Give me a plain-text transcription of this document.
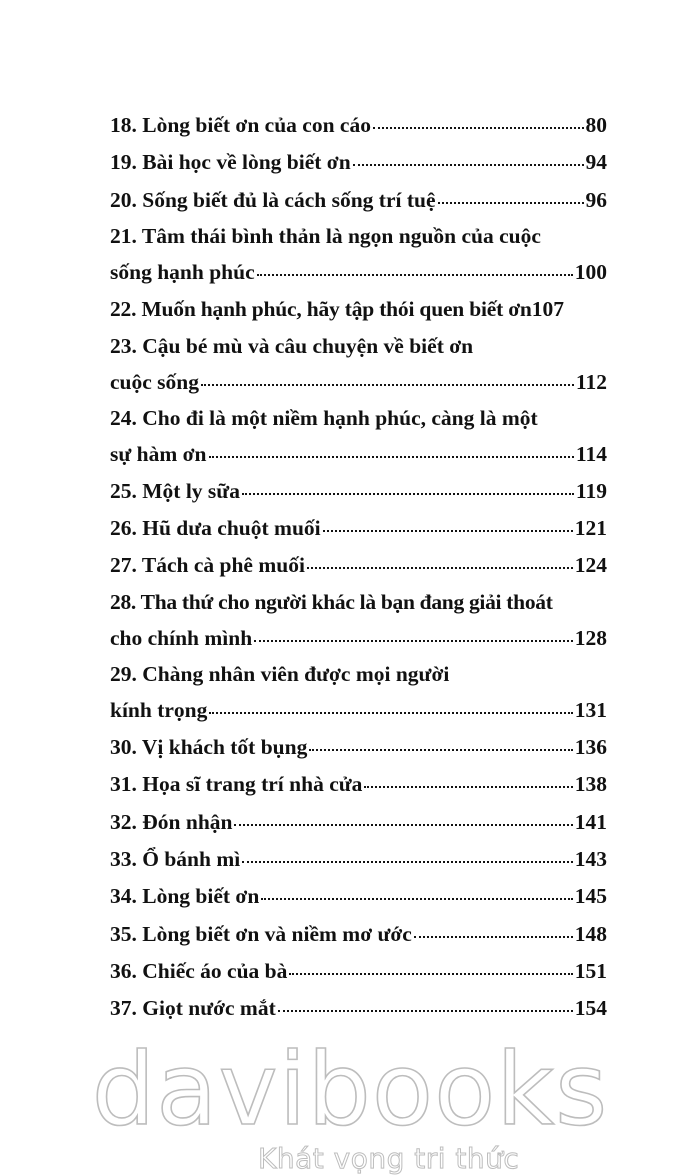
18. Lòng biết ơn của con cáo	80
19. Bài học về lòng biết ơn	94
20. Sống biết đủ là cách sống trí tuệ	96
21. Tâm thái bình thản là ngọn nguồn của cuộc
sống hạnh phúc	100
22. Muốn hạnh phúc, hãy tập thói quen biết ơn 107
23. Cậu bé mù và câu chuyện về biết ơn
cuộc sống	112
24. Cho đi là một niềm hạnh phúc, càng là một
sự hàm ơn	114
25. Một ly sữa	119
26. Hũ dưa chuột muối	121
27. Tách cà phê muối	124
28. Tha thứ cho người khác là bạn đang giải thoát
cho chính mình	128
29. Chàng nhân viên được mọi người
kính trọng	131
30. Vị khách tốt bụng	136
31. Họa sĩ trang trí nhà cửa	138
32. Đón nhận	141
33. Ổ bánh mì	143
34. Lòng biết ơn	145
35. Lòng biết ơn và niềm mơ ước	148
36. Chiếc áo của bà	151
37. Giọt nước mắt	154
davibooks
Khát vọng tri thức
